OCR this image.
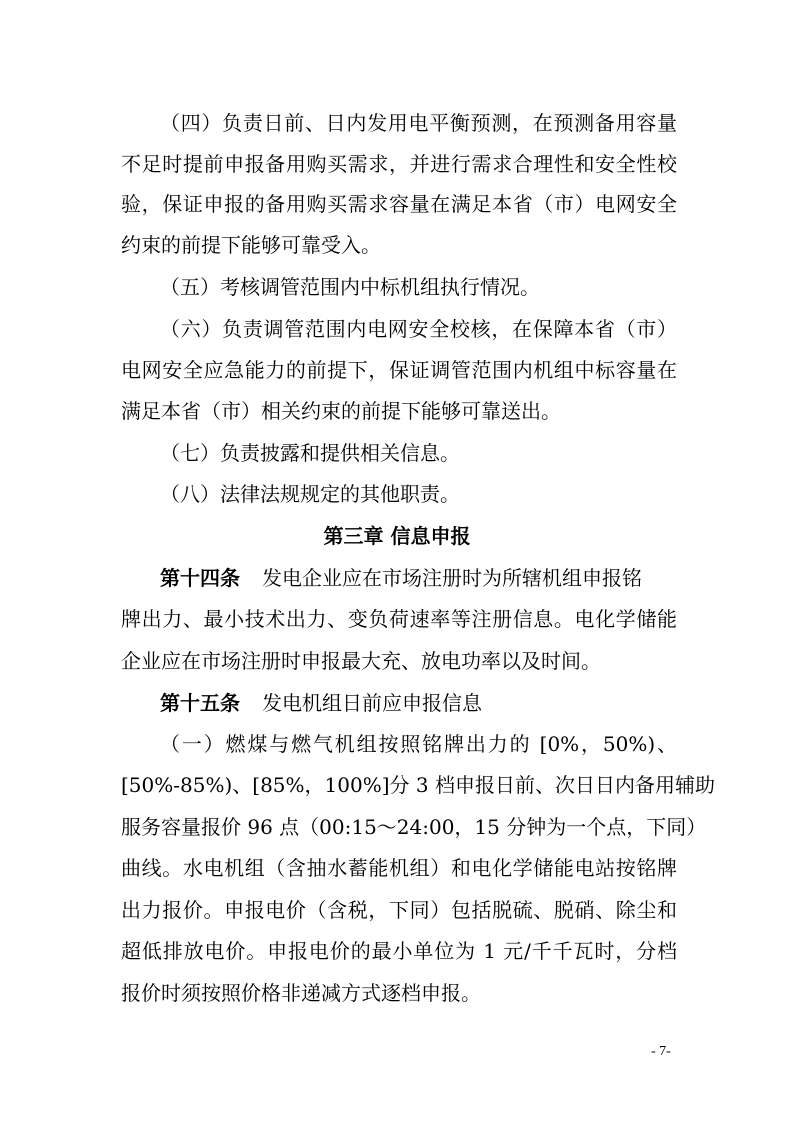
（四）负责日前、日内发用电平衡预测，在预测备用容量
不足时提前申报备用购买需求，并进行需求合理性和安全性校
验，保证申报的备用购买需求容量在满足本省（市）电网安全
约束的前提下能够可靠受入。
（五）考核调管范围内中标机组执行情况。
（六）负责调管范围内电网安全校核，在保障本省（市）
电网安全应急能力的前提下，保证调管范围内机组中标容量在
满足本省（市）相关约束的前提下能够可靠送出。
（七）负责披露和提供相关信息。
（八）法律法规规定的其他职责。
第三章 信息申报
第十四条 发电企业应在市场注册时为所辖机组申报铭
牌出力、最小技术出力、变负荷速率等注册信息。电化学储能
企业应在市场注册时申报最大充、放电功率以及时间。
第十五条 发电机组日前应申报信息
（一）燃煤与燃气机组按照铭牌出力的 [0%，50%)、
[50%-85%)、[85%，100%]分 3 档申报日前、次日日内备用辅助
服务容量报价 96 点（00:15～24:00，15 分钟为一个点，下同）
曲线。水电机组（含抽水蓄能机组）和电化学储能电站按铭牌
出力报价。申报电价（含税，下同）包括脱硫、脱硝、除尘和
超低排放电价。申报电价的最小单位为 1 元/千千瓦时，分档
报价时须按照价格非递减方式逐档申报。
- 7-
